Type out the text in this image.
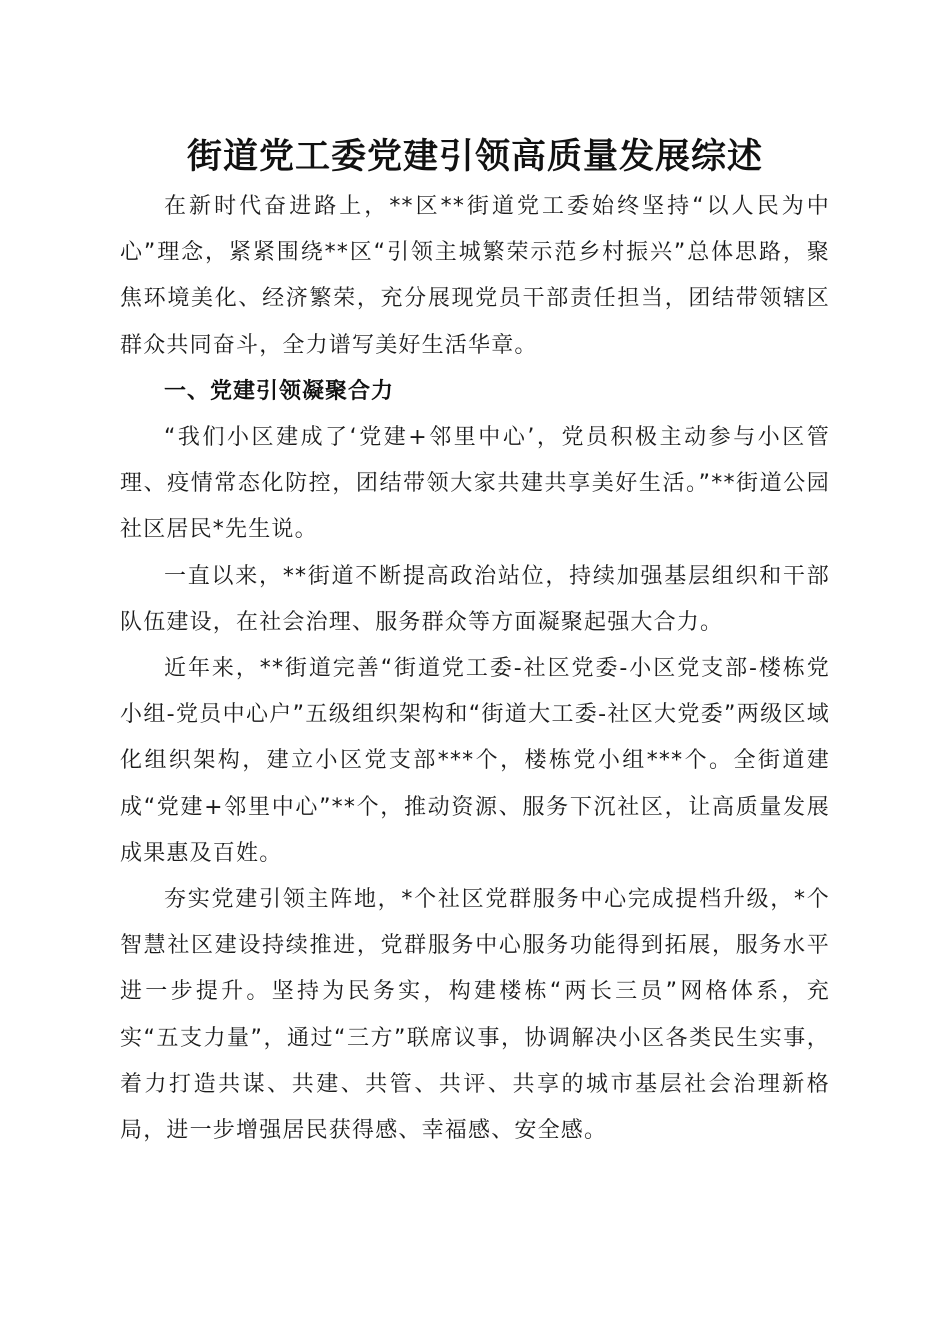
街道党工委党建引领高质量发展综述

在新时代奋进路上，**区**街道党工委始终坚持“以人民为中心”理念，紧紧围绕**区“引领主城繁荣示范乡村振兴”总体思路，聚焦环境美化、经济繁荣，充分展现党员干部责任担当，团结带领辖区群众共同奋斗，全力谱写美好生活华章。

一、党建引领凝聚合力

“我们小区建成了‘党建+邻里中心’，党员积极主动参与小区管理、疫情常态化防控，团结带领大家共建共享美好生活。”**街道公园社区居民*先生说。

一直以来，**街道不断提高政治站位，持续加强基层组织和干部队伍建设，在社会治理、服务群众等方面凝聚起强大合力。

近年来，**街道完善“街道党工委-社区党委-小区党支部-楼栋党小组-党员中心户”五级组织架构和“街道大工委-社区大党委”两级区域化组织架构，建立小区党支部***个，楼栋党小组***个。全街道建成“党建+邻里中心”**个，推动资源、服务下沉社区，让高质量发展成果惠及百姓。

夯实党建引领主阵地，*个社区党群服务中心完成提档升级，*个智慧社区建设持续推进，党群服务中心服务功能得到拓展，服务水平进一步提升。坚持为民务实，构建楼栋“两长三员”网格体系，充实“五支力量”，通过“三方”联席议事，协调解决小区各类民生实事，着力打造共谋、共建、共管、共评、共享的城市基层社会治理新格局，进一步增强居民获得感、幸福感、安全感。
